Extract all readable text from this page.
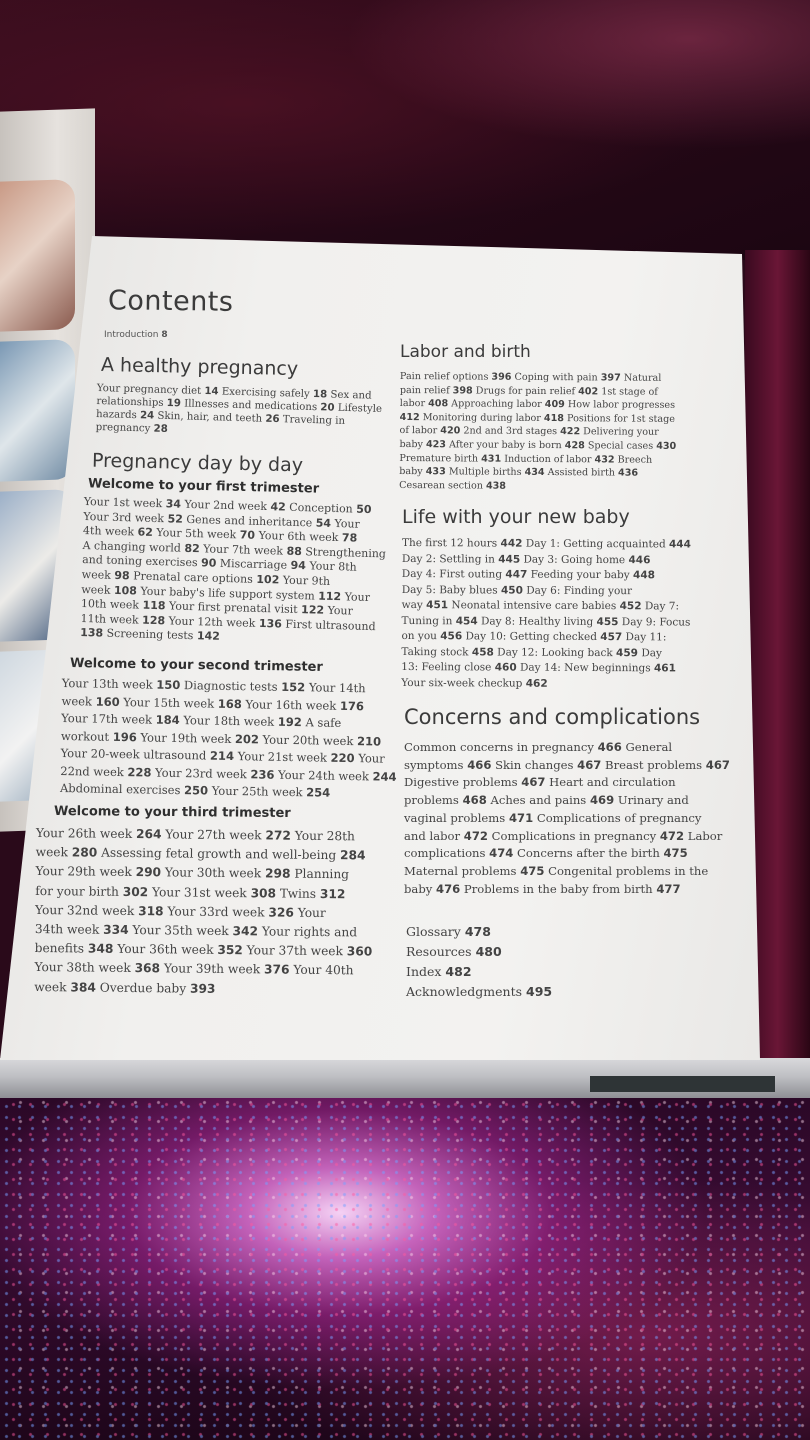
Contents
Introduction 8
A healthy pregnancy
Your pregnancy diet 14 Exercising safely 18 Sex and
relationships 19 Illnesses and medications 20 Lifestyle
hazards 24 Skin, hair, and teeth 26 Traveling in
pregnancy 28
Pregnancy day by day
Welcome to your first trimester
Your 1st week 34 Your 2nd week 42 Conception 50
Your 3rd week 52 Genes and inheritance 54 Your
4th week 62 Your 5th week 70 Your 6th week 78
A changing world 82 Your 7th week 88 Strengthening
and toning exercises 90 Miscarriage 94 Your 8th
week 98 Prenatal care options 102 Your 9th
week 108 Your baby's life support system 112 Your
10th week 118 Your first prenatal visit 122 Your
11th week 128 Your 12th week 136 First ultrasound
138 Screening tests 142
Welcome to your second trimester
Your 13th week 150 Diagnostic tests 152 Your 14th
week 160 Your 15th week 168 Your 16th week 176
Your 17th week 184 Your 18th week 192 A safe
workout 196 Your 19th week 202 Your 20th week 210
Your 20-week ultrasound 214 Your 21st week 220 Your
22nd week 228 Your 23rd week 236 Your 24th week 244
Abdominal exercises 250 Your 25th week 254
Welcome to your third trimester
Your 26th week 264 Your 27th week 272 Your 28th
week 280 Assessing fetal growth and well-being 284
Your 29th week 290 Your 30th week 298 Planning
for your birth 302 Your 31st week 308 Twins 312
Your 32nd week 318 Your 33rd week 326 Your
34th week 334 Your 35th week 342 Your rights and
benefits 348 Your 36th week 352 Your 37th week 360
Your 38th week 368 Your 39th week 376 Your 40th
week 384 Overdue baby 393
Labor and birth
Pain relief options 396 Coping with pain 397 Natural
pain relief 398 Drugs for pain relief 402 1st stage of
labor 408 Approaching labor 409 How labor progresses
412 Monitoring during labor 418 Positions for 1st stage
of labor 420 2nd and 3rd stages 422 Delivering your
baby 423 After your baby is born 428 Special cases 430
Premature birth 431 Induction of labor 432 Breech
baby 433 Multiple births 434 Assisted birth 436
Cesarean section 438
Life with your new baby
The first 12 hours 442 Day 1: Getting acquainted 444
Day 2: Settling in 445 Day 3: Going home 446
Day 4: First outing 447 Feeding your baby 448
Day 5: Baby blues 450 Day 6: Finding your
way 451 Neonatal intensive care babies 452 Day 7:
Tuning in 454 Day 8: Healthy living 455 Day 9: Focus
on you 456 Day 10: Getting checked 457 Day 11:
Taking stock 458 Day 12: Looking back 459 Day
13: Feeling close 460 Day 14: New beginnings 461
Your six-week checkup 462
Concerns and complications
Common concerns in pregnancy 466 General
symptoms 466 Skin changes 467 Breast problems 467
Digestive problems 467 Heart and circulation
problems 468 Aches and pains 469 Urinary and
vaginal problems 471 Complications of pregnancy
and labor 472 Complications in pregnancy 472 Labor
complications 474 Concerns after the birth 475
Maternal problems 475 Congenital problems in the
baby 476 Problems in the baby from birth 477
Glossary 478
Resources 480
Index 482
Acknowledgments 495
